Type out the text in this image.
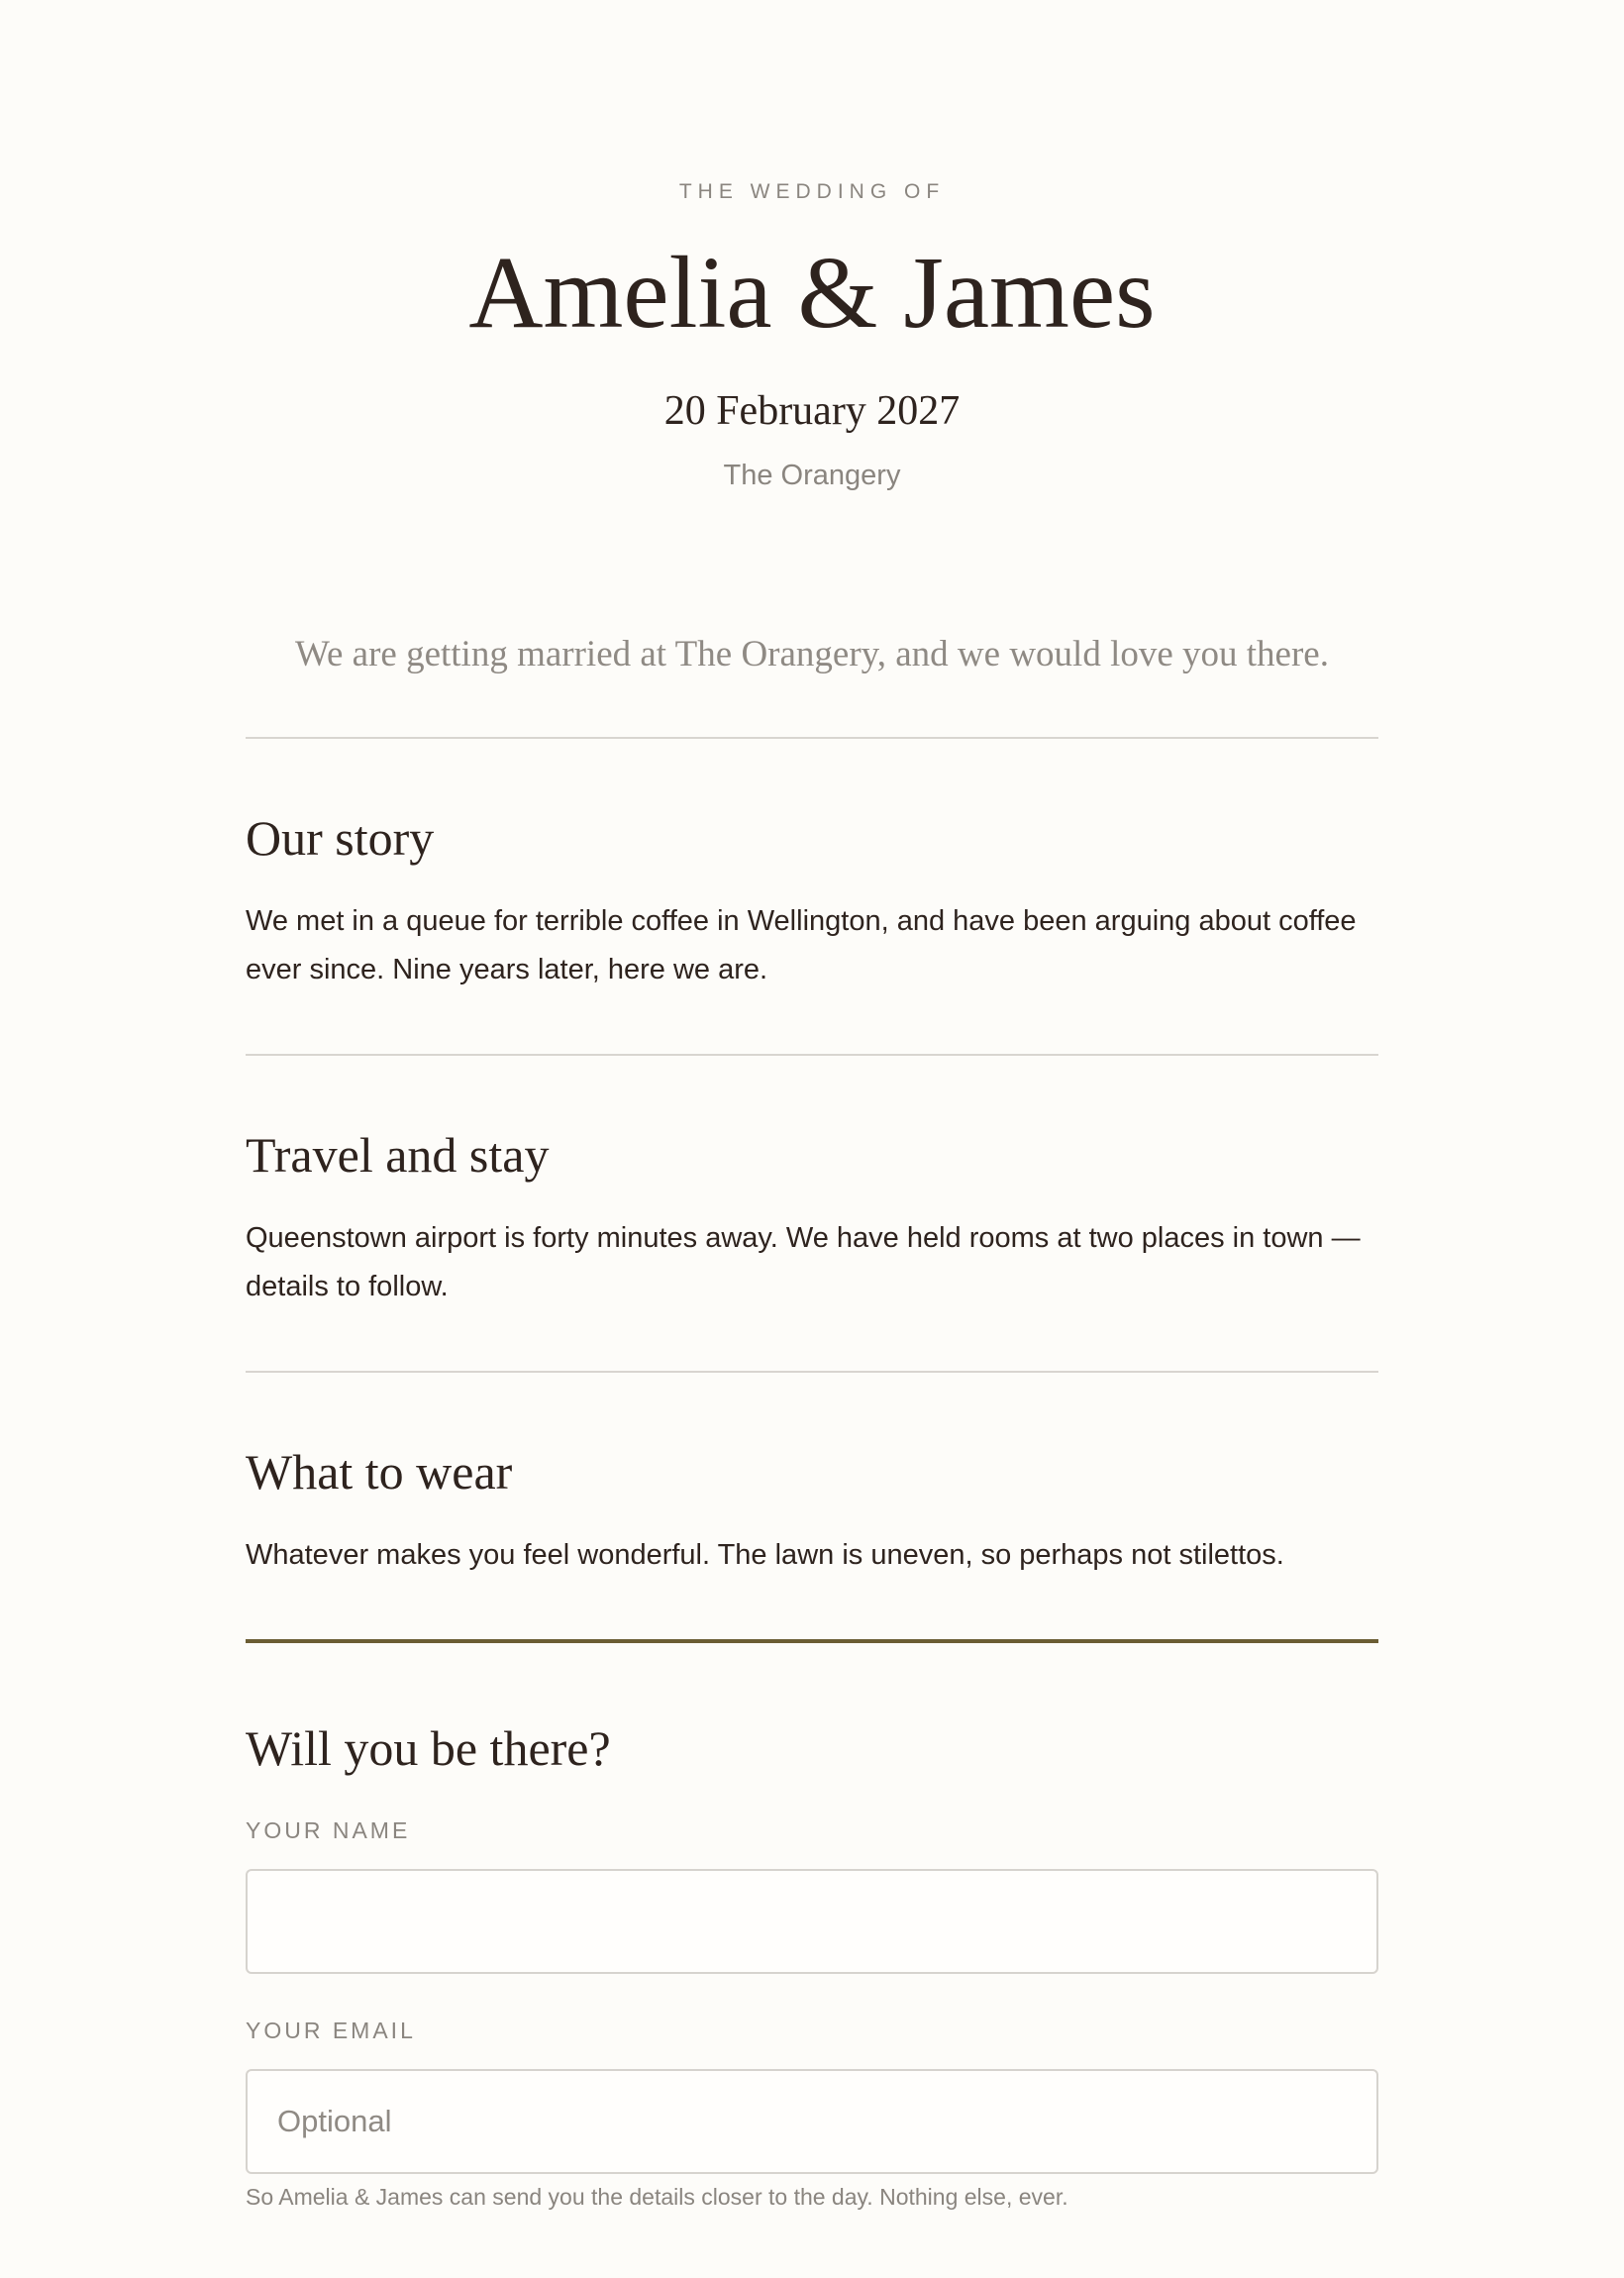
THE WEDDING OF

Amelia & James

20 February 2027

The Orangery

We are getting married at The Orangery, and we would love you there.

Our story

We met in a queue for terrible coffee in Wellington, and have been arguing about coffee ever since. Nine years later, here we are.

Travel and stay

Queenstown airport is forty minutes away. We have held rooms at two places in town — details to follow.

What to wear

Whatever makes you feel wonderful. The lawn is uneven, so perhaps not stilettos.

Will you be there?
YOUR NAME
YOUR EMAIL
Optional

So Amelia & James can send you the details closer to the day. Nothing else, ever.
